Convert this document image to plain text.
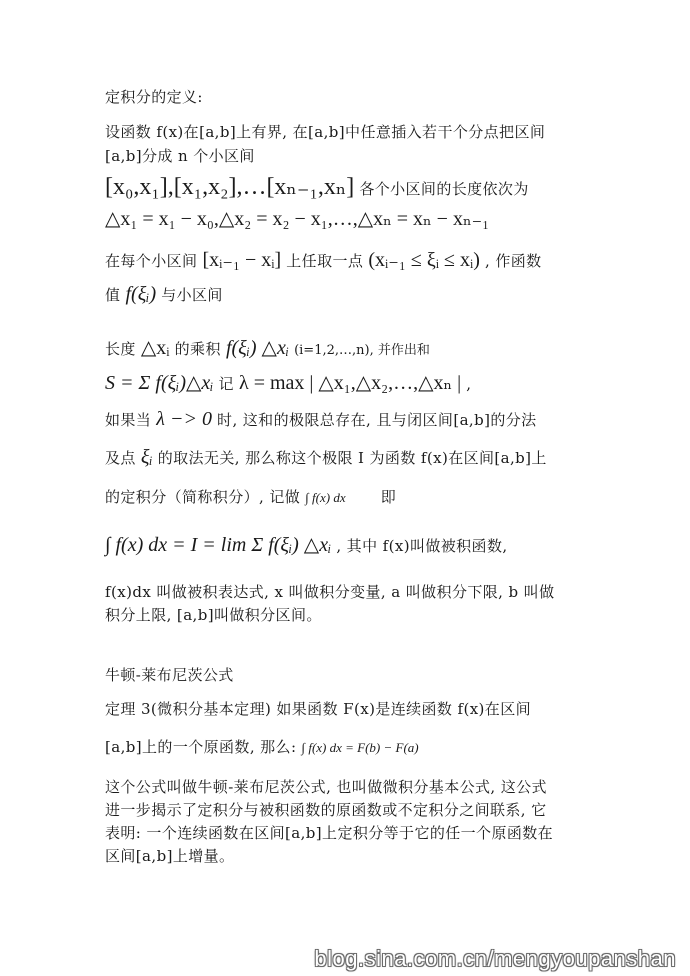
定积分的定义:
设函数 f(x)在[a,b]上有界, 在[a,b]中任意插入若干个分点把区间
[a,b]分成 n 个小区间
[x₀,x₁],[x₁,x₂],…[xₙ₋₁,xₙ] 各个小区间的长度依次为
△x₁ = x₁ − x₀,△x₂ = x₂ − x₁,…,△xₙ = xₙ − xₙ₋₁
在每个小区间 [xᵢ₋₁ − xᵢ] 上任取一点 (xᵢ₋₁ ≤ ξᵢ ≤ xᵢ) , 作函数
值 f(ξᵢ) 与小区间
长度 △xᵢ 的乘积 f(ξᵢ) △xᵢ (i=1,2,…,n), 并作出和
S = Σ f(ξᵢ)△xᵢ 记 λ = max | △x₁,△x₂,…,△xₙ | ,
如果当 λ −> 0 时, 这和的极限总存在, 且与闭区间[a,b]的分法
及点 ξᵢ 的取法无关, 那么称这个极限 I 为函数 f(x)在区间[a,b]上
的定积分（简称积分）, 记做 ∫ f(x) dx 即
∫ f(x) dx = I = lim Σ f(ξᵢ) △xᵢ , 其中 f(x)叫做被积函数,
f(x)dx 叫做被积表达式, x 叫做积分变量, a 叫做积分下限, b 叫做
积分上限, [a,b]叫做积分区间。
牛顿-莱布尼茨公式
定理 3(微积分基本定理) 如果函数 F(x)是连续函数 f(x)在区间
[a,b]上的一个原函数, 那么: ∫ f(x) dx = F(b) − F(a)
这个公式叫做牛顿-莱布尼茨公式, 也叫做微积分基本公式, 这公式
进一步揭示了定积分与被积函数的原函数或不定积分之间联系, 它
表明: 一个连续函数在区间[a,b]上定积分等于它的任一个原函数在
区间[a,b]上增量。
blog.sina.com.cn/mengyoupanshan
